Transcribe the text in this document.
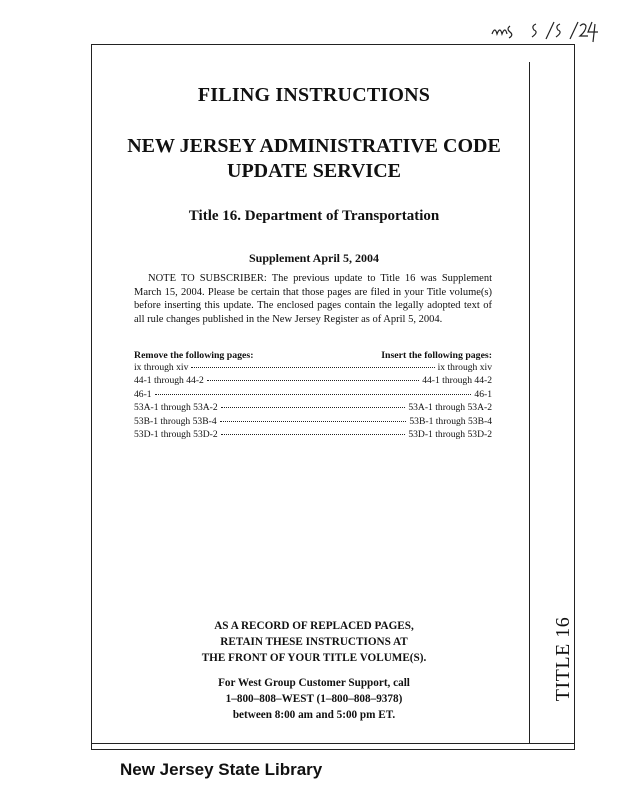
TITLE 16
FILING INSTRUCTIONS
NEW JERSEY ADMINISTRATIVE CODE
UPDATE SERVICE
Title 16. Department of Transportation
Supplement April 5, 2004
NOTE TO SUBSCRIBER: The previous update to Title 16 was Supplement March 15, 2004. Please be certain that those pages are filed in your Title volume(s) before inserting this update. The enclosed pages contain the legally adopted text of all rule changes published in the New Jersey Register as of April 5, 2004.
Remove the following pages:	Insert the following pages:
ix through xiv	ix through xiv
44-1 through 44-2	44-1 through 44-2
46-1	46-1
53A-1 through 53A-2	53A-1 through 53A-2
53B-1 through 53B-4	53B-1 through 53B-4
53D-1 through 53D-2	53D-1 through 53D-2
AS A RECORD OF REPLACED PAGES,
RETAIN THESE INSTRUCTIONS AT
THE FRONT OF YOUR TITLE VOLUME(S).
For West Group Customer Support, call
1–800–808–WEST (1–800–808–9378)
between 8:00 am and 5:00 pm ET.
New Jersey State Library
